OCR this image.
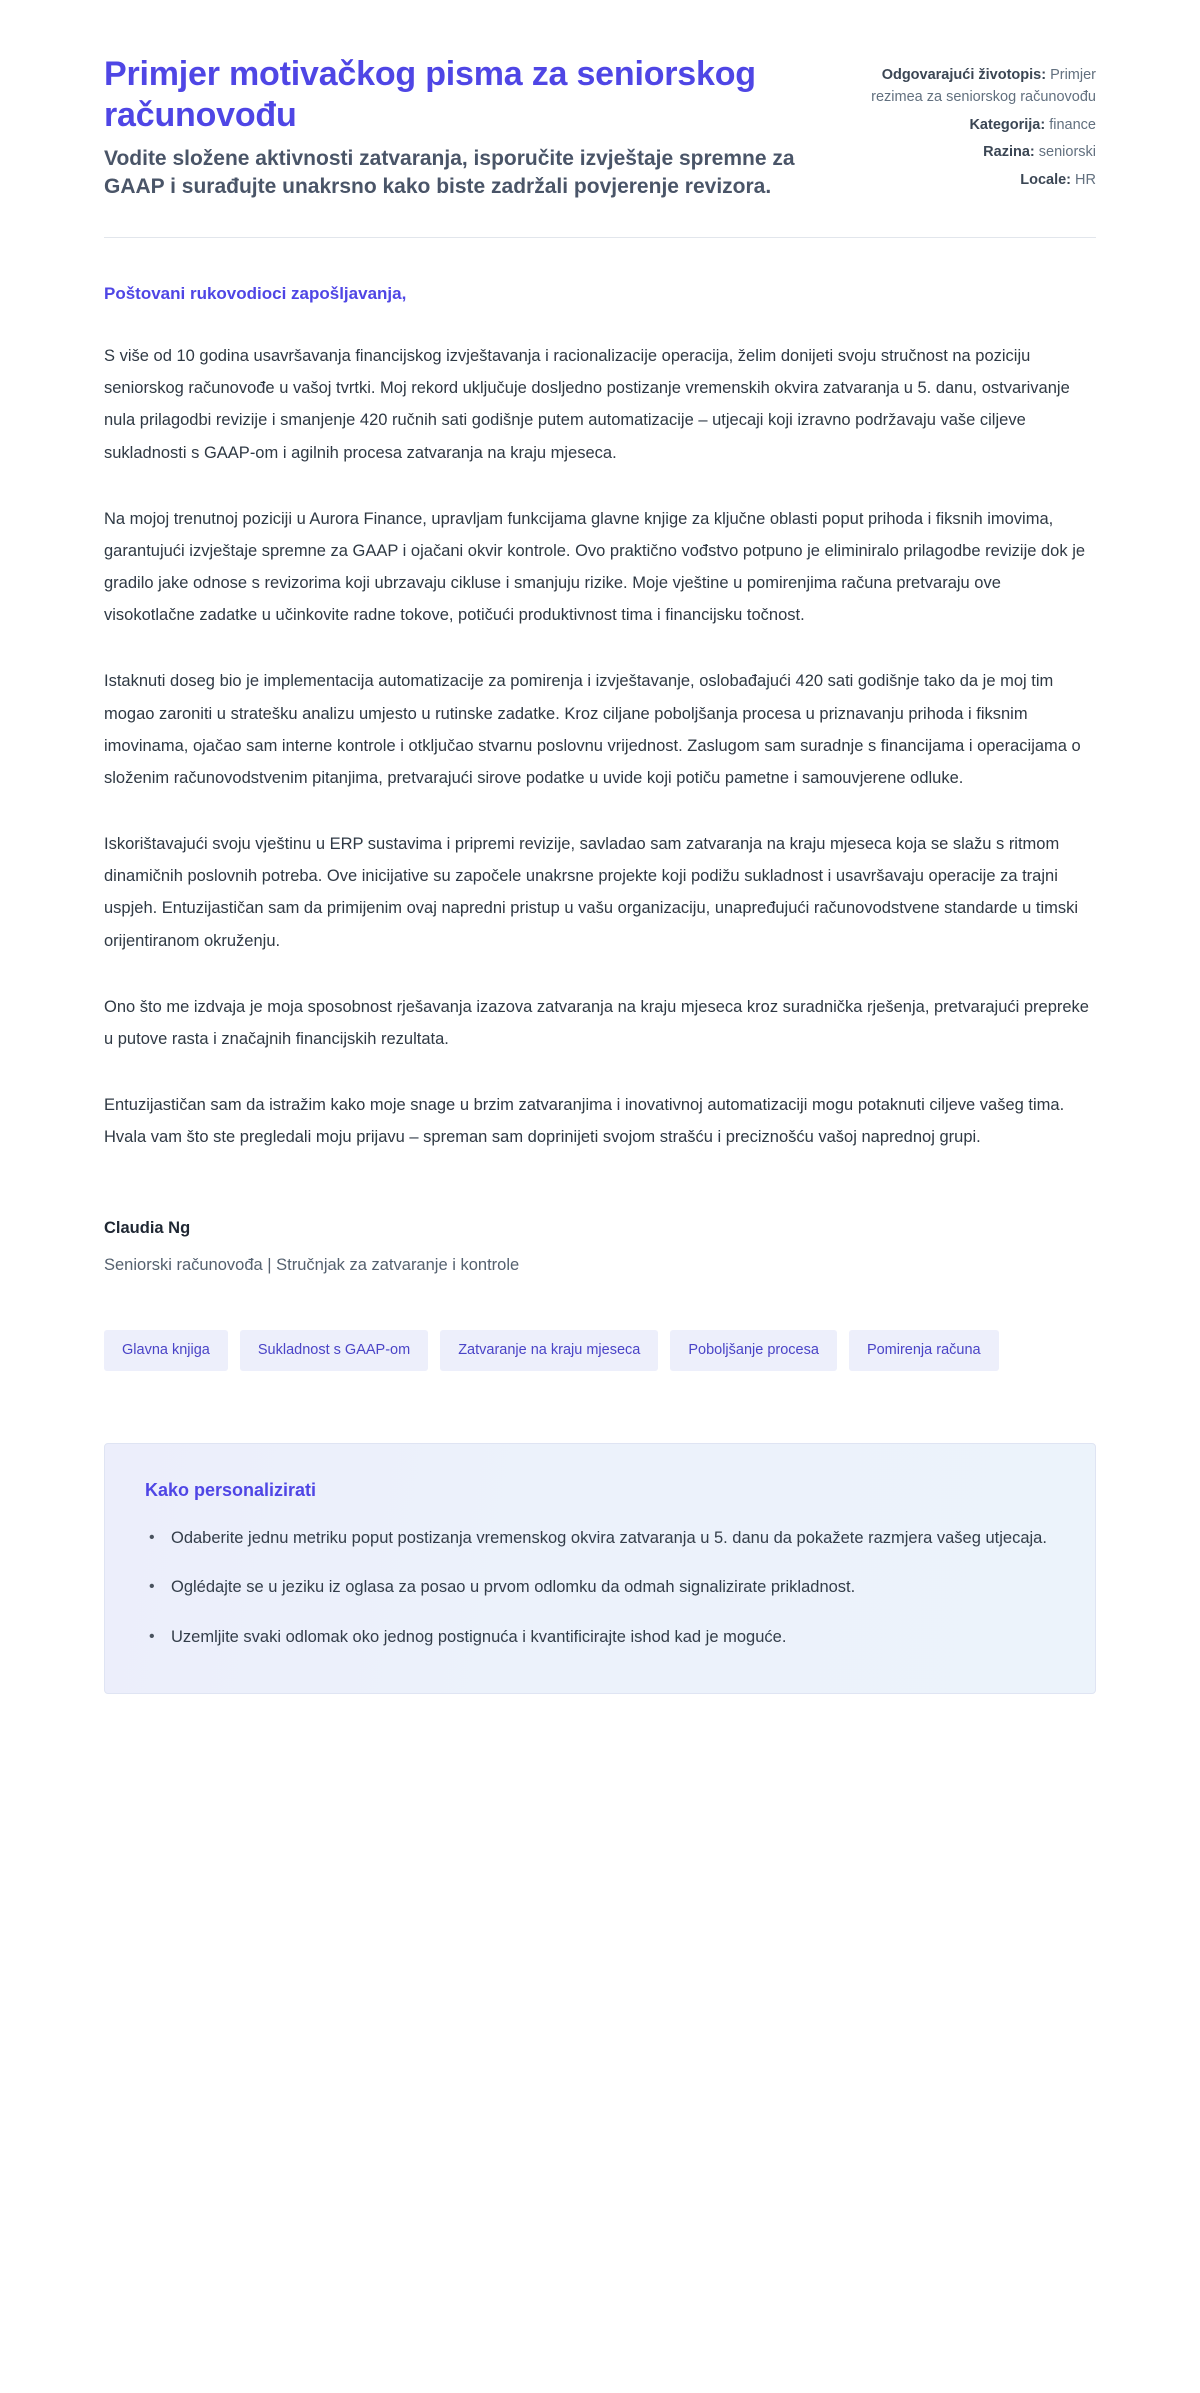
Primjer motivačkog pisma za seniorskog računovođu

Vodite složene aktivnosti zatvaranja, isporučite izvještaje spremne za GAAP i surađujte unakrsno kako biste zadržali povjerenje revizora.

Odgovarajući životopis: Primjer rezimea za seniorskog računovođu
Kategorija: finance
Razina: seniorski
Locale: HR

Poštovani rukovodioci zapošljavanja,

S više od 10 godina usavršavanja financijskog izvještavanja i racionalizacije operacija, želim donijeti svoju stručnost na poziciju seniorskog računovođe u vašoj tvrtki. Moj rekord uključuje dosljedno postizanje vremenskih okvira zatvaranja u 5. danu, ostvarivanje nula prilagodbi revizije i smanjenje 420 ručnih sati godišnje putem automatizacije – utjecaji koji izravno podržavaju vaše ciljeve sukladnosti s GAAP-om i agilnih procesa zatvaranja na kraju mjeseca.

Na mojoj trenutnoj poziciji u Aurora Finance, upravljam funkcijama glavne knjige za ključne oblasti poput prihoda i fiksnih imovima, garantujući izvještaje spremne za GAAP i ojačani okvir kontrole. Ovo praktično vođstvo potpuno je eliminiralo prilagodbe revizije dok je gradilo jake odnose s revizorima koji ubrzavaju cikluse i smanjuju rizike. Moje vještine u pomirenjima računa pretvaraju ove visokotlačne zadatke u učinkovite radne tokove, potičući produktivnost tima i financijsku točnost.

Istaknuti doseg bio je implementacija automatizacije za pomirenja i izvještavanje, oslobađajući 420 sati godišnje tako da je moj tim mogao zaroniti u stratešku analizu umjesto u rutinske zadatke. Kroz ciljane poboljšanja procesa u priznavanju prihoda i fiksnim imovinama, ojačao sam interne kontrole i otključao stvarnu poslovnu vrijednost. Zaslugom sam suradnje s financijama i operacijama o složenim računovodstvenim pitanjima, pretvarajući sirove podatke u uvide koji potiču pametne i samouvjerene odluke.

Iskorištavajući svoju vještinu u ERP sustavima i pripremi revizije, savladao sam zatvaranja na kraju mjeseca koja se slažu s ritmom dinamičnih poslovnih potreba. Ove inicijative su započele unakrsne projekte koji podižu sukladnost i usavršavaju operacije za trajni uspjeh. Entuzijastičan sam da primijenim ovaj napredni pristup u vašu organizaciju, unapređujući računovodstvene standarde u timski orijentiranom okruženju.

Ono što me izdvaja je moja sposobnost rješavanja izazova zatvaranja na kraju mjeseca kroz suradnička rješenja, pretvarajući prepreke u putove rasta i značajnih financijskih rezultata.

Entuzijastičan sam da istražim kako moje snage u brzim zatvaranjima i inovativnoj automatizaciji mogu potaknuti ciljeve vašeg tima. Hvala vam što ste pregledali moju prijavu – spreman sam doprinijeti svojom strašću i preciznošću vašoj naprednoj grupi.

Claudia Ng

Seniorski računovođa | Stručnjak za zatvaranje i kontrole

Glavna knjiga	Sukladnost s GAAP-om	Zatvaranje na kraju mjeseca	Poboljšanje procesa	Pomirenja računa

Kako personalizirati

• Odaberite jednu metriku poput postizanja vremenskog okvira zatvaranja u 5. danu da pokažete razmjera vašeg utjecaja.
• Oglédajte se u jeziku iz oglasa za posao u prvom odlomku da odmah signalizirate prikladnost.
• Uzemljite svaki odlomak oko jednog postignuća i kvantificirajte ishod kad je moguće.
